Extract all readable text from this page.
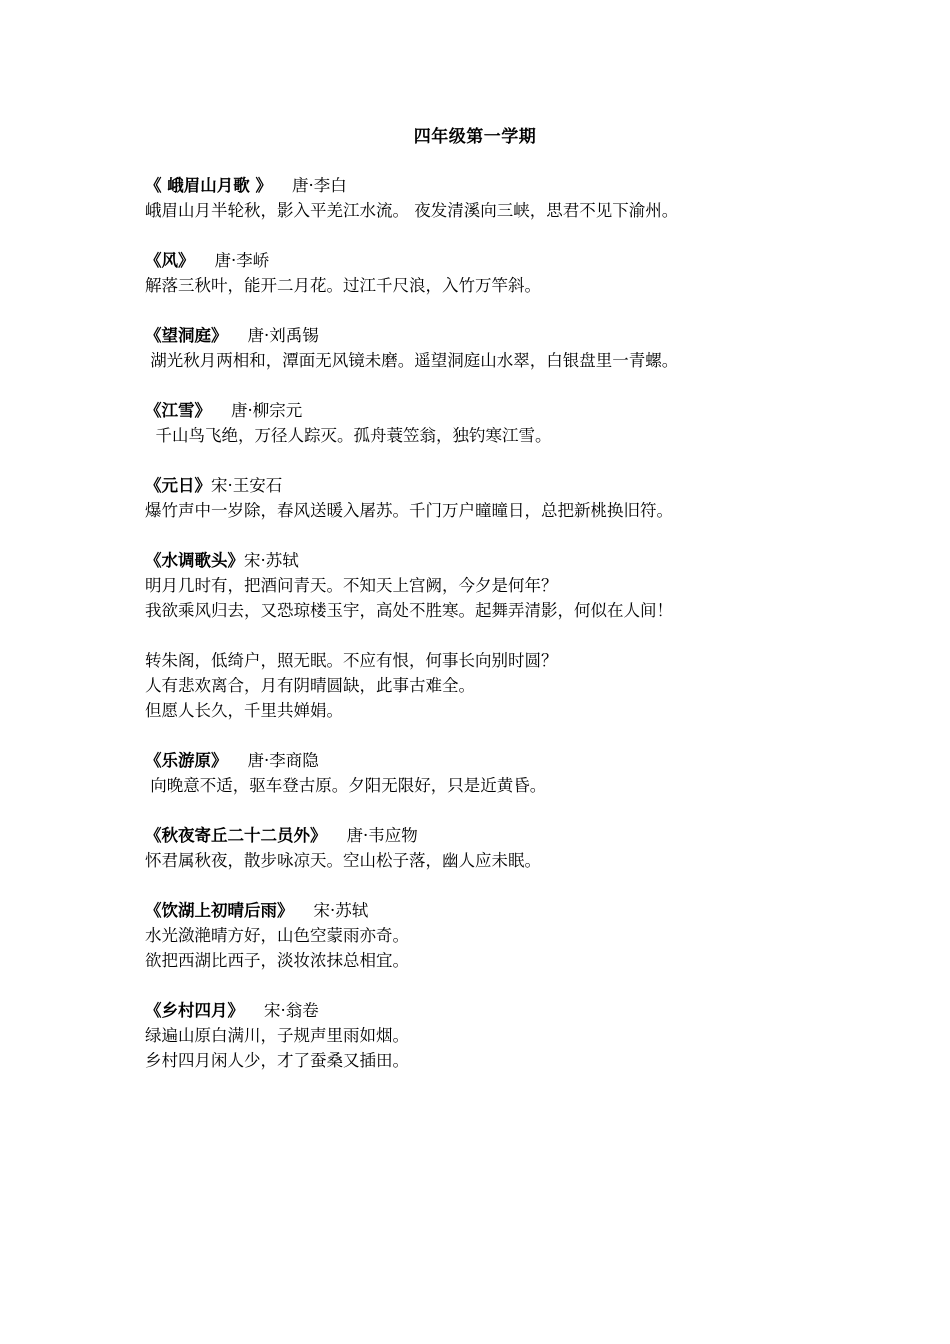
四年级第一学期
《 峨眉山月歌 》 唐·李白
峨眉山月半轮秋，影入平羌江水流。 夜发清溪向三峡，思君不见下渝州。
《风》 唐·李峤
解落三秋叶，能开二月花。过江千尺浪，入竹万竿斜。
《望洞庭》 唐·刘禹锡
湖光秋月两相和，潭面无风镜未磨。遥望洞庭山水翠，白银盘里一青螺。
《江雪》 唐·柳宗元
千山鸟飞绝，万径人踪灭。孤舟蓑笠翁，独钓寒江雪。
《元日》宋·王安石
爆竹声中一岁除，春风送暖入屠苏。千门万户曈曈日，总把新桃换旧符。
《水调歌头》宋·苏轼
明月几时有，把酒问青天。不知天上宫阙，今夕是何年？
我欲乘风归去，又恐琼楼玉宇，高处不胜寒。起舞弄清影，何似在人间！
转朱阁，低绮户，照无眠。不应有恨，何事长向别时圆？
人有悲欢离合，月有阴晴圆缺，此事古难全。
但愿人长久，千里共婵娟。
《乐游原》 唐·李商隐
向晚意不适，驱车登古原。夕阳无限好，只是近黄昏。
《秋夜寄丘二十二员外》 唐·韦应物
怀君属秋夜，散步咏凉天。空山松子落，幽人应未眠。
《饮湖上初晴后雨》 宋·苏轼
水光潋滟晴方好，山色空蒙雨亦奇。
欲把西湖比西子，淡妆浓抹总相宜。
《乡村四月》 宋·翁卷
绿遍山原白满川，子规声里雨如烟。
乡村四月闲人少，才了蚕桑又插田。
